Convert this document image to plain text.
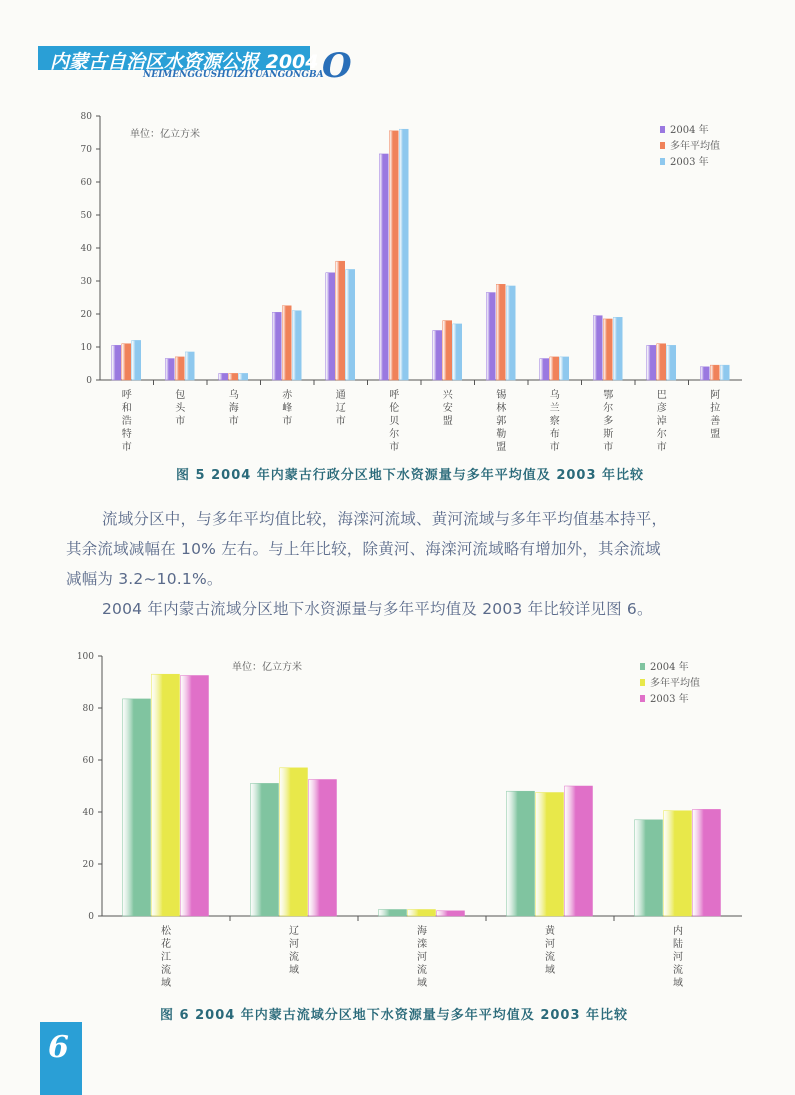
内蒙古自治区水资源公报 2004
NEIMENGGUSHUIZIYUANGONGBA
O
0
10
20
30
40
50
60
70
80
呼和浩特市
包头市
乌海市
赤峰市
通辽市
呼伦贝尔市
兴安盟
锡林郭勒盟
乌兰察布市
鄂尔多斯市
巴彦淖尔市
阿拉善盟
单位：亿立方米	2004 年
多年平均值
2003 年
图 5 2004 年内蒙古行政分区地下水资源量与多年平均值及 2003 年比较

流域分区中，与多年平均值比较，海滦河流域、黄河流域与多年平均值基本持平，

其余流域减幅在 10% 左右。与上年比较，除黄河、海滦河流域略有增加外，其余流域

减幅为 3.2~10.1%。

2004 年内蒙古流域分区地下水资源量与多年平均值及 2003 年比较详见图 6。

0
20
40
60
80
100
松花江流域
辽河流域
海滦河流域
黄河流域
内陆河流域
单位：亿立方米	2004 年
多年平均值
2003 年
图 6 2004 年内蒙古流域分区地下水资源量与多年平均值及 2003 年比较
6
